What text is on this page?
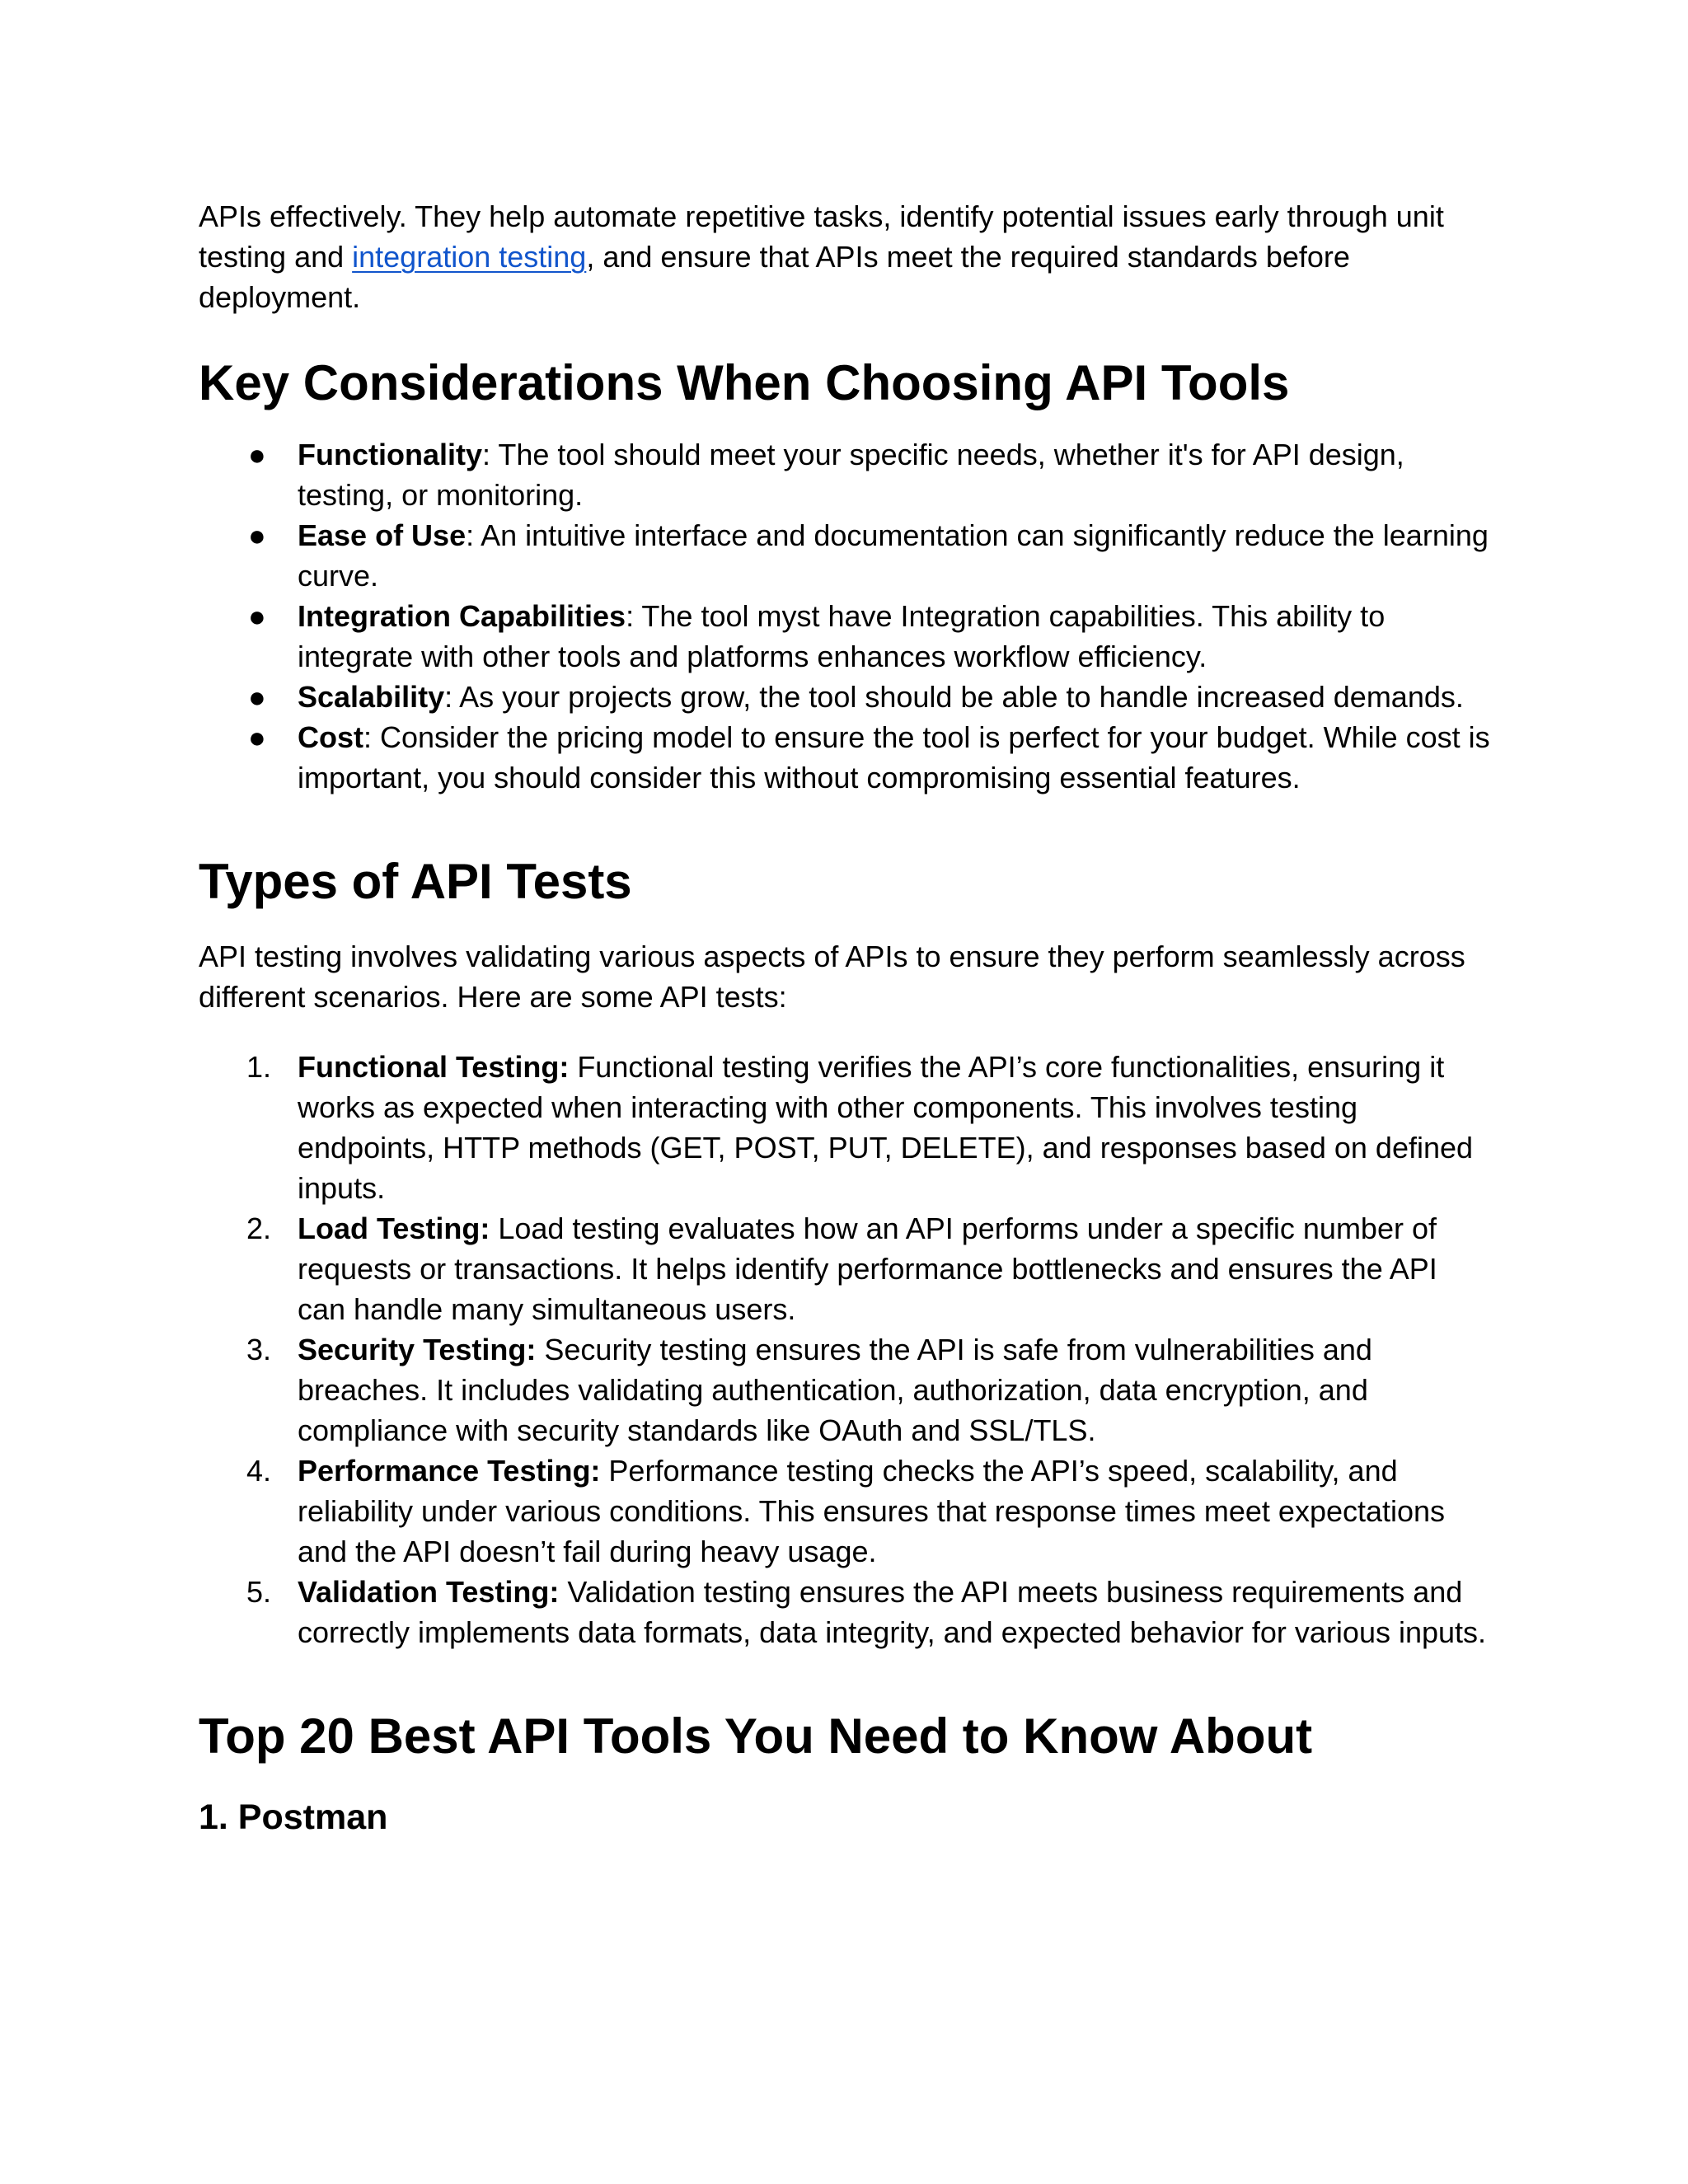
APIs effectively. They help automate repetitive tasks, identify potential issues early through unit testing and integration testing, and ensure that APIs meet the required standards before deployment.

Key Considerations When Choosing API Tools
● Functionality: The tool should meet your specific needs, whether it's for API design, testing, or monitoring.
● Ease of Use: An intuitive interface and documentation can significantly reduce the learning curve.
● Integration Capabilities: The tool myst have Integration capabilities. This ability to integrate with other tools and platforms enhances workflow efficiency.
● Scalability: As your projects grow, the tool should be able to handle increased demands.
● Cost: Consider the pricing model to ensure the tool is perfect for your budget. While cost is important, you should consider this without compromising essential features.
Types of API Tests

API testing involves validating various aspects of APIs to ensure they perform seamlessly across different scenarios. Here are some API tests:

1. Functional Testing: Functional testing verifies the API’s core functionalities, ensuring it works as expected when interacting with other components. This involves testing endpoints, HTTP methods (GET, POST, PUT, DELETE), and responses based on defined inputs.
2. Load Testing: Load testing evaluates how an API performs under a specific number of requests or transactions. It helps identify performance bottlenecks and ensures the API can handle many simultaneous users.
3. Security Testing: Security testing ensures the API is safe from vulnerabilities and breaches. It includes validating authentication, authorization, data encryption, and compliance with security standards like OAuth and SSL/TLS.
4. Performance Testing: Performance testing checks the API’s speed, scalability, and reliability under various conditions. This ensures that response times meet expectations and the API doesn’t fail during heavy usage.
5. Validation Testing: Validation testing ensures the API meets business requirements and correctly implements data formats, data integrity, and expected behavior for various inputs.
Top 20 Best API Tools You Need to Know About
1. Postman
